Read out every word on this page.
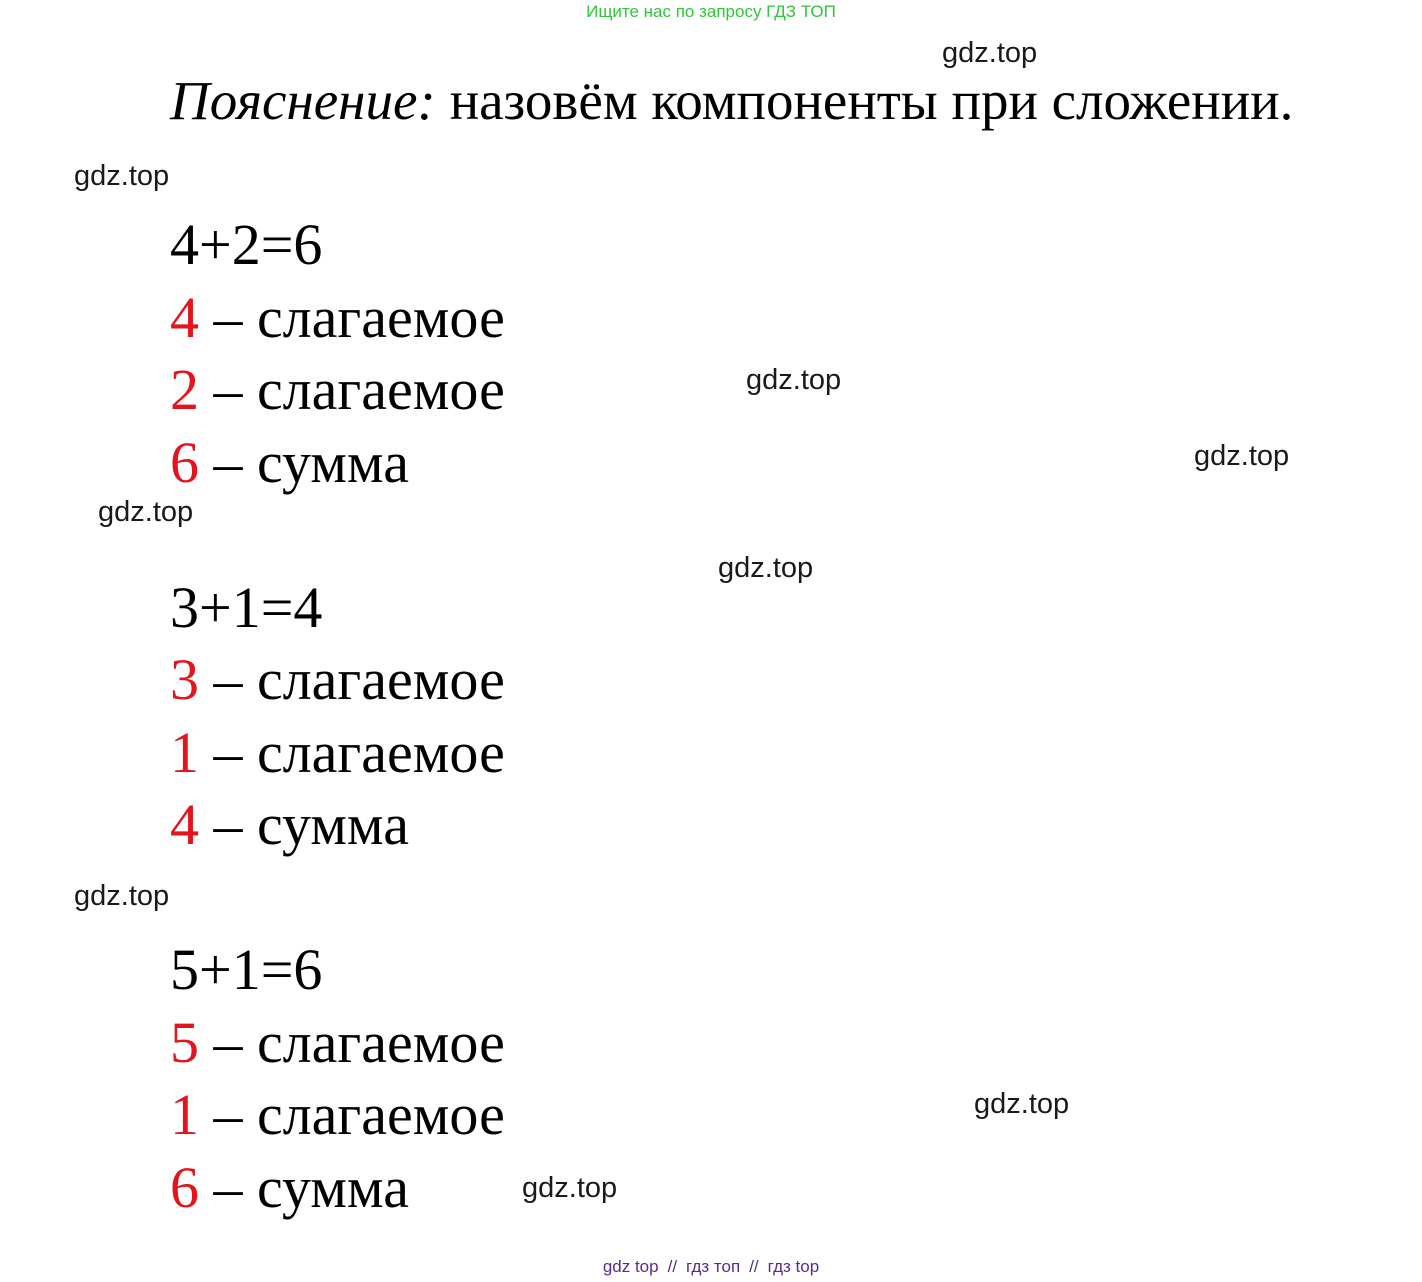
Ищите нас по запросу ГДЗ ТОП
Пояснение: назовём компоненты при сложении.
4+2=6
4 – слагаемое
2 – слагаемое
6 – сумма
3+1=4
3 – слагаемое
1 – слагаемое
4 – сумма
5+1=6
5 – слагаемое
1 – слагаемое
6 – сумма
gdz.top
gdz.top
gdz.top
gdz.top
gdz.top
gdz.top
gdz.top
gdz.top
gdz.top
gdz top // гдз топ // гдз top
